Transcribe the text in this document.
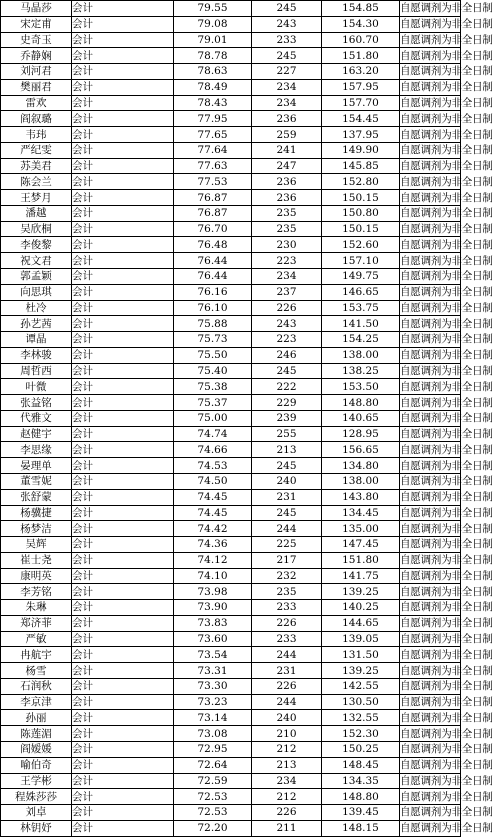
马晶莎	会计	79.55	245	154.85	自愿调剂为非全日制
宋定甫	会计	79.08	243	154.30	自愿调剂为非全日制
史奇玉	会计	79.01	233	160.70	自愿调剂为非全日制
乔静娴	会计	78.78	245	151.80	自愿调剂为非全日制
刘河君	会计	78.63	227	163.20	自愿调剂为非全日制
樊丽君	会计	78.49	234	157.95	自愿调剂为非全日制
雷欢	会计	78.43	234	157.70	自愿调剂为非全日制
阎叙璐	会计	77.95	236	154.45	自愿调剂为非全日制
韦玮	会计	77.65	259	137.95	自愿调剂为非全日制
严纪雯	会计	77.64	241	149.90	自愿调剂为非全日制
苏美君	会计	77.63	247	145.85	自愿调剂为非全日制
陈会兰	会计	77.53	236	152.80	自愿调剂为非全日制
王梦月	会计	76.87	236	150.15	自愿调剂为非全日制
潘越	会计	76.87	235	150.80	自愿调剂为非全日制
吴欣桐	会计	76.70	235	150.15	自愿调剂为非全日制
李俊黎	会计	76.48	230	152.60	自愿调剂为非全日制
祝文君	会计	76.44	223	157.10	自愿调剂为非全日制
郭孟颖	会计	76.44	234	149.75	自愿调剂为非全日制
向思琪	会计	76.16	237	146.65	自愿调剂为非全日制
杜冷	会计	76.10	226	153.75	自愿调剂为非全日制
孙艺茜	会计	75.88	243	141.50	自愿调剂为非全日制
谭晶	会计	75.73	223	154.25	自愿调剂为非全日制
李林骏	会计	75.50	246	138.00	自愿调剂为非全日制
周哲西	会计	75.40	245	138.25	自愿调剂为非全日制
叶微	会计	75.38	222	153.50	自愿调剂为非全日制
张益铭	会计	75.37	229	148.80	自愿调剂为非全日制
代雅文	会计	75.00	239	140.65	自愿调剂为非全日制
赵健宇	会计	74.74	255	128.95	自愿调剂为非全日制
李思缘	会计	74.66	213	156.65	自愿调剂为非全日制
晏理单	会计	74.53	245	134.80	自愿调剂为非全日制
董雪妮	会计	74.50	240	138.00	自愿调剂为非全日制
张舒蒙	会计	74.45	231	143.80	自愿调剂为非全日制
杨骥捷	会计	74.45	245	134.45	自愿调剂为非全日制
杨梦洁	会计	74.42	244	135.00	自愿调剂为非全日制
吴辉	会计	74.36	225	147.45	自愿调剂为非全日制
崔士尧	会计	74.12	217	151.80	自愿调剂为非全日制
康明英	会计	74.10	232	141.75	自愿调剂为非全日制
李芳铭	会计	73.98	235	139.25	自愿调剂为非全日制
朱琳	会计	73.90	233	140.25	自愿调剂为非全日制
郑济菲	会计	73.83	226	144.65	自愿调剂为非全日制
严敏	会计	73.60	233	139.05	自愿调剂为非全日制
冉航宇	会计	73.54	244	131.50	自愿调剂为非全日制
杨雪	会计	73.31	231	139.25	自愿调剂为非全日制
石润秋	会计	73.30	226	142.55	自愿调剂为非全日制
李京津	会计	73.23	244	130.50	自愿调剂为非全日制
孙丽	会计	73.14	240	132.55	自愿调剂为非全日制
陈莲湄	会计	73.08	210	152.30	自愿调剂为非全日制
阎嫒媛	会计	72.95	212	150.25	自愿调剂为非全日制
喻伯奇	会计	72.64	213	148.45	自愿调剂为非全日制
王学彬	会计	72.59	234	134.35	自愿调剂为非全日制
程姝莎莎	会计	72.53	212	148.80	自愿调剂为非全日制
刘卓	会计	72.53	226	139.45	自愿调剂为非全日制
林钥妤	会计	72.20	211	148.15	自愿调剂为非全日制
